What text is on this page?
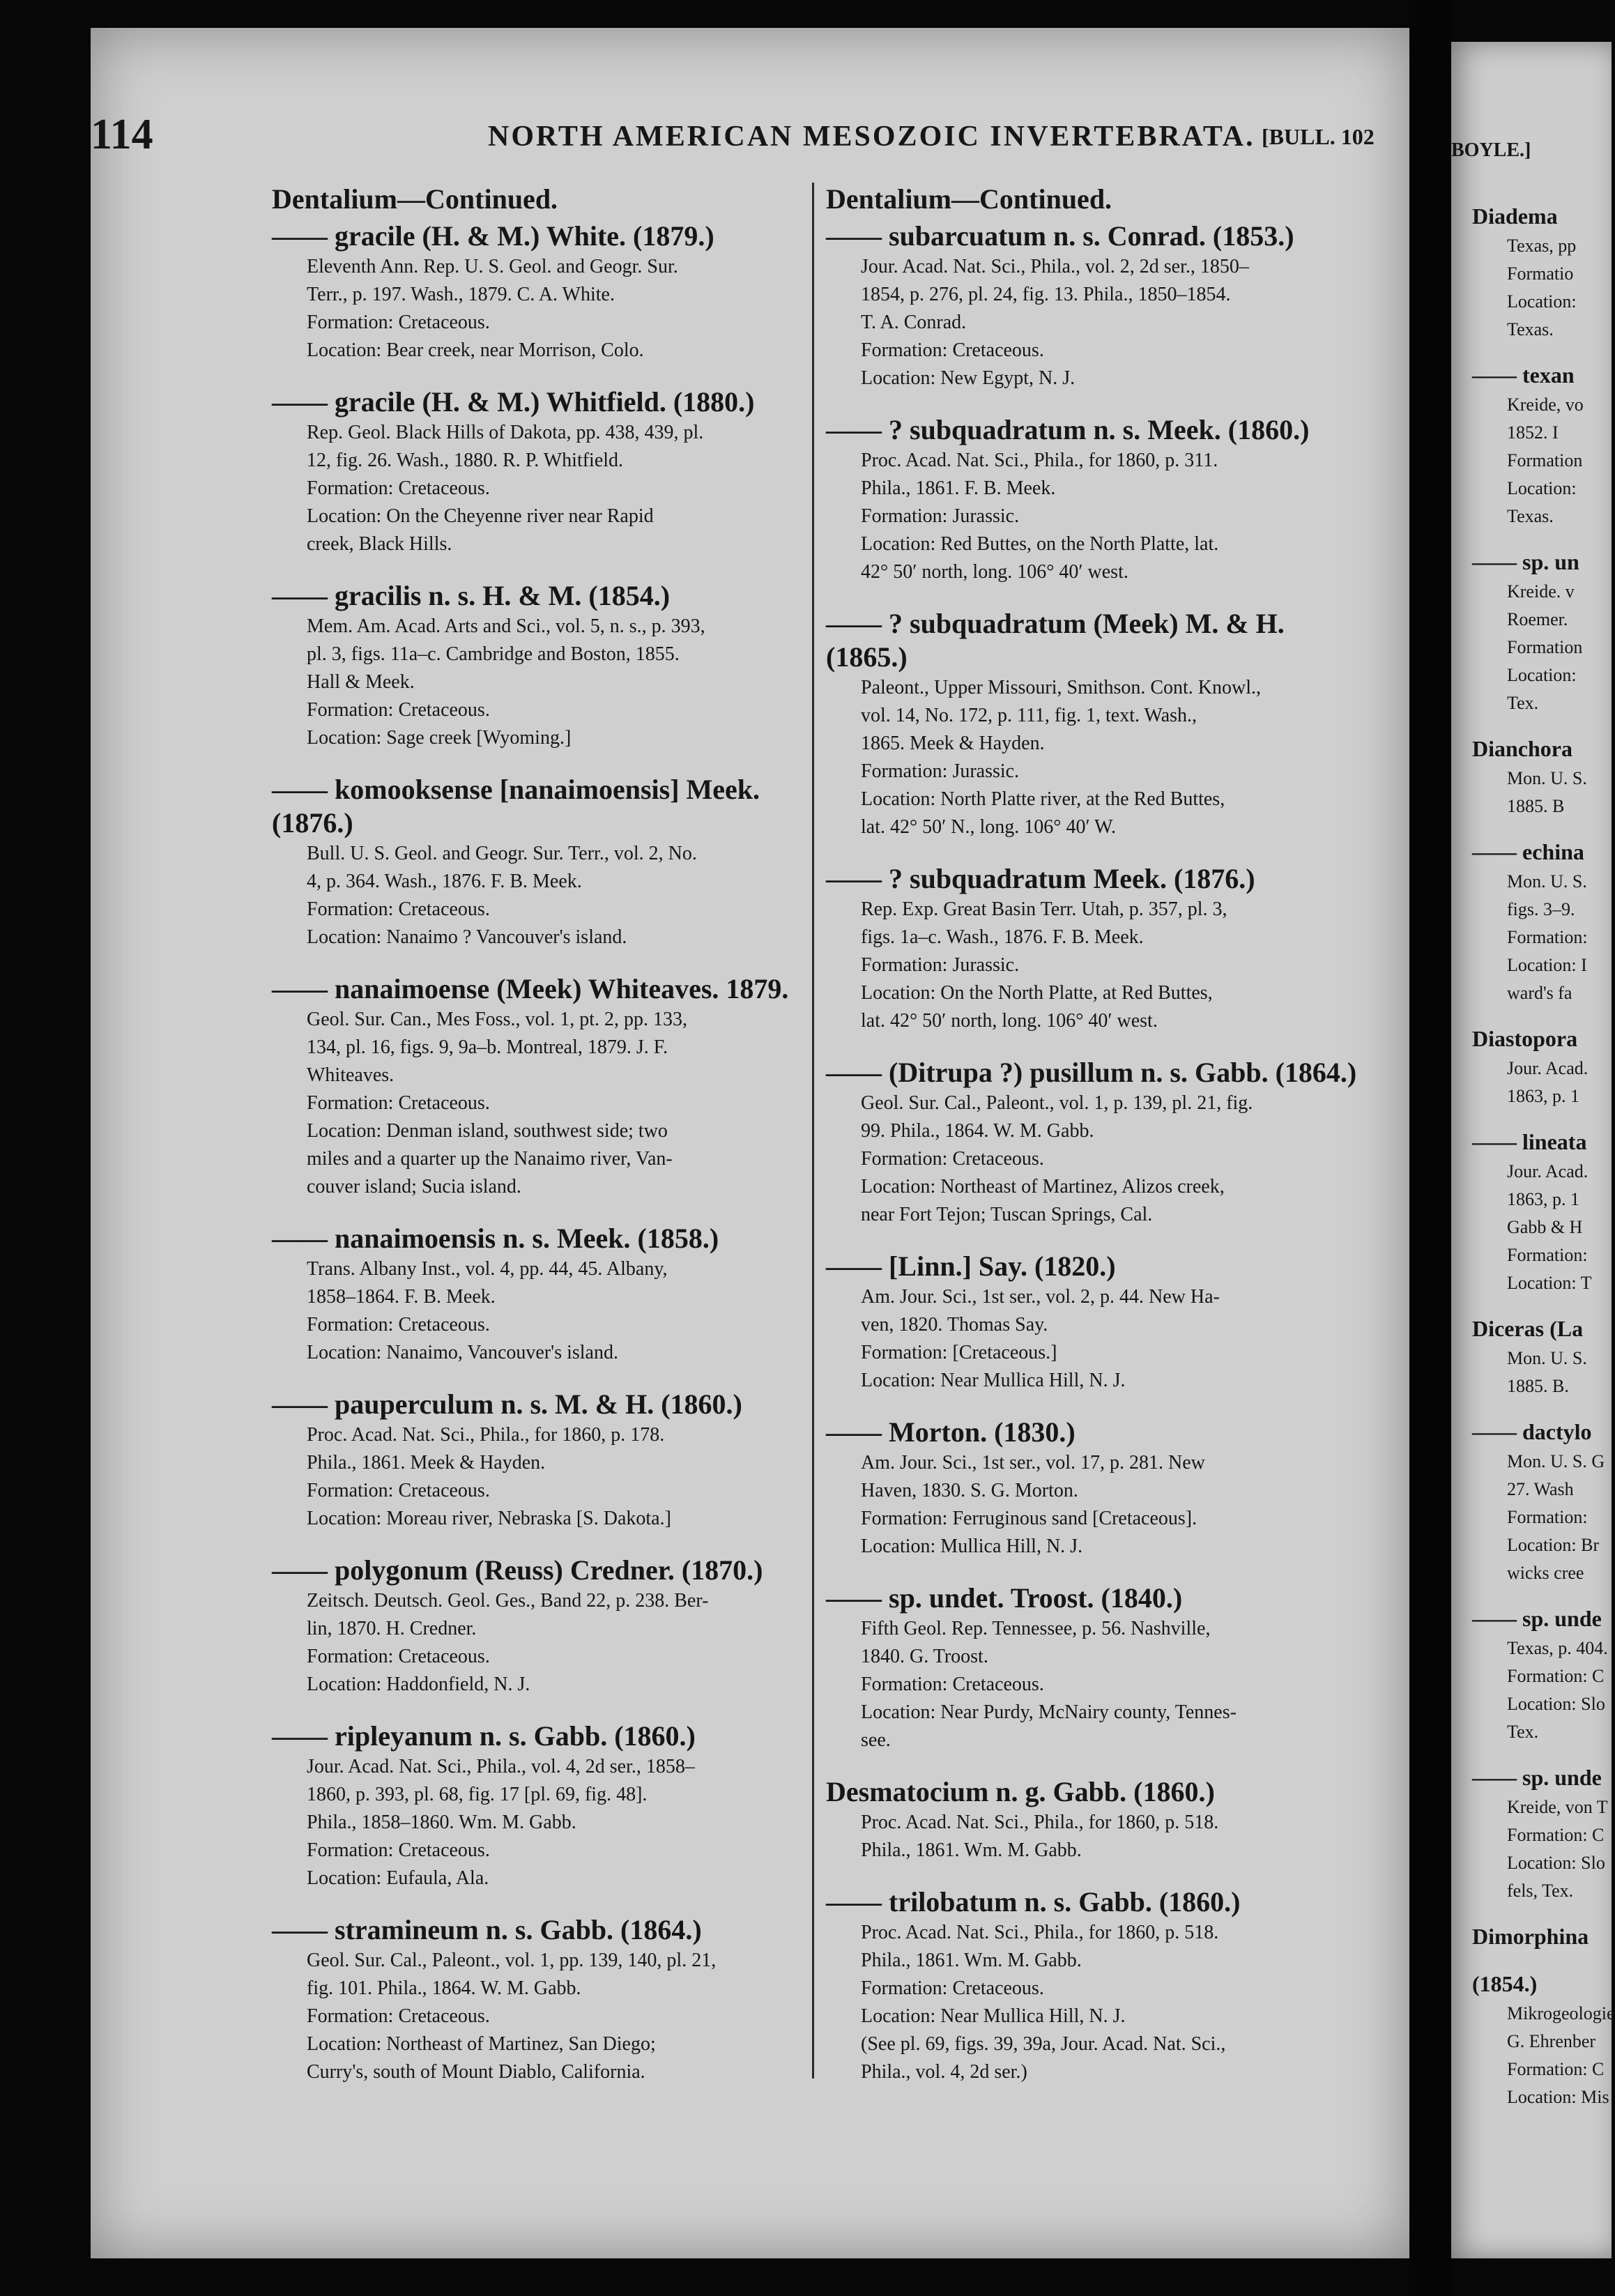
BOYLE.]
Diadema
Texas, pp
Formatio
Location:
Texas.
—— texan
Kreide, vo
1852. I
Formation
Location:
Texas.
—— sp. un
Kreide. v
Roemer.
Formation
Location:
Tex.
Dianchora
Mon. U. S.
1885. B
—— echina
Mon. U. S.
figs. 3–9.
Formation:
Location: I
ward's fa
Diastopora
Jour. Acad.
1863, p. 1
—— lineata
Jour. Acad.
1863, p. 1
Gabb & H
Formation:
Location: T
Diceras (La
Mon. U. S.
1885. B.
—— dactylo
Mon. U. S. G
27. Wash
Formation:
Location: Br
wicks cree
—— sp. unde
Texas, p. 404.
Formation: C
Location: Slo
Tex.
—— sp. unde
Kreide, von T
Formation: C
Location: Slo
fels, Tex.
Dimorphina
(1854.)
Mikrogeologie
G. Ehrenber
Formation: C
Location: Mis
114	NORTH AMERICAN MESOZOIC INVERTEBRATA. [BULL. 102
Dentalium—Continued.
—— gracile (H. & M.) White. (1879.)
Eleventh Ann. Rep. U. S. Geol. and Geogr. Sur.
Terr., p. 197. Wash., 1879. C. A. White.
Formation: Cretaceous.
Location: Bear creek, near Morrison, Colo.
—— gracile (H. & M.) Whitfield. (1880.)
Rep. Geol. Black Hills of Dakota, pp. 438, 439, pl.
12, fig. 26. Wash., 1880. R. P. Whitfield.
Formation: Cretaceous.
Location: On the Cheyenne river near Rapid
creek, Black Hills.
—— gracilis n. s. H. & M. (1854.)
Mem. Am. Acad. Arts and Sci., vol. 5, n. s., p. 393,
pl. 3, figs. 11a–c. Cambridge and Boston, 1855.
Hall & Meek.
Formation: Cretaceous.
Location: Sage creek [Wyoming.]
—— komooksense [nanaimoensis] Meek. (1876.)
Bull. U. S. Geol. and Geogr. Sur. Terr., vol. 2, No.
4, p. 364. Wash., 1876. F. B. Meek.
Formation: Cretaceous.
Location: Nanaimo ? Vancouver's island.
—— nanaimoense (Meek) Whiteaves. 1879.
Geol. Sur. Can., Mes Foss., vol. 1, pt. 2, pp. 133,
134, pl. 16, figs. 9, 9a–b. Montreal, 1879. J. F.
Whiteaves.
Formation: Cretaceous.
Location: Denman island, southwest side; two
miles and a quarter up the Nanaimo river, Van-
couver island; Sucia island.
—— nanaimoensis n. s. Meek. (1858.)
Trans. Albany Inst., vol. 4, pp. 44, 45. Albany,
1858–1864. F. B. Meek.
Formation: Cretaceous.
Location: Nanaimo, Vancouver's island.
—— pauperculum n. s. M. & H. (1860.)
Proc. Acad. Nat. Sci., Phila., for 1860, p. 178.
Phila., 1861. Meek & Hayden.
Formation: Cretaceous.
Location: Moreau river, Nebraska [S. Dakota.]
—— polygonum (Reuss) Credner. (1870.)
Zeitsch. Deutsch. Geol. Ges., Band 22, p. 238. Ber-
lin, 1870. H. Credner.
Formation: Cretaceous.
Location: Haddonfield, N. J.
—— ripleyanum n. s. Gabb. (1860.)
Jour. Acad. Nat. Sci., Phila., vol. 4, 2d ser., 1858–
1860, p. 393, pl. 68, fig. 17 [pl. 69, fig. 48].
Phila., 1858–1860. Wm. M. Gabb.
Formation: Cretaceous.
Location: Eufaula, Ala.
—— stramineum n. s. Gabb. (1864.)
Geol. Sur. Cal., Paleont., vol. 1, pp. 139, 140, pl. 21,
fig. 101. Phila., 1864. W. M. Gabb.
Formation: Cretaceous.
Location: Northeast of Martinez, San Diego;
Curry's, south of Mount Diablo, California.
Dentalium—Continued.
—— subarcuatum n. s. Conrad. (1853.)
Jour. Acad. Nat. Sci., Phila., vol. 2, 2d ser., 1850–
1854, p. 276, pl. 24, fig. 13. Phila., 1850–1854.
T. A. Conrad.
Formation: Cretaceous.
Location: New Egypt, N. J.
—— ? subquadratum n. s. Meek. (1860.)
Proc. Acad. Nat. Sci., Phila., for 1860, p. 311.
Phila., 1861. F. B. Meek.
Formation: Jurassic.
Location: Red Buttes, on the North Platte, lat.
42° 50′ north, long. 106° 40′ west.
—— ? subquadratum (Meek) M. & H. (1865.)
Paleont., Upper Missouri, Smithson. Cont. Knowl.,
vol. 14, No. 172, p. 111, fig. 1, text. Wash.,
1865. Meek & Hayden.
Formation: Jurassic.
Location: North Platte river, at the Red Buttes,
lat. 42° 50′ N., long. 106° 40′ W.
—— ? subquadratum Meek. (1876.)
Rep. Exp. Great Basin Terr. Utah, p. 357, pl. 3,
figs. 1a–c. Wash., 1876. F. B. Meek.
Formation: Jurassic.
Location: On the North Platte, at Red Buttes,
lat. 42° 50′ north, long. 106° 40′ west.
—— (Ditrupa ?) pusillum n. s. Gabb. (1864.)
Geol. Sur. Cal., Paleont., vol. 1, p. 139, pl. 21, fig.
99. Phila., 1864. W. M. Gabb.
Formation: Cretaceous.
Location: Northeast of Martinez, Alizos creek,
near Fort Tejon; Tuscan Springs, Cal.
—— [Linn.] Say. (1820.)
Am. Jour. Sci., 1st ser., vol. 2, p. 44. New Ha-
ven, 1820. Thomas Say.
Formation: [Cretaceous.]
Location: Near Mullica Hill, N. J.
—— Morton. (1830.)
Am. Jour. Sci., 1st ser., vol. 17, p. 281. New
Haven, 1830. S. G. Morton.
Formation: Ferruginous sand [Cretaceous].
Location: Mullica Hill, N. J.
—— sp. undet. Troost. (1840.)
Fifth Geol. Rep. Tennessee, p. 56. Nashville,
1840. G. Troost.
Formation: Cretaceous.
Location: Near Purdy, McNairy county, Tennes-
see.
Desmatocium n. g. Gabb. (1860.)
Proc. Acad. Nat. Sci., Phila., for 1860, p. 518.
Phila., 1861. Wm. M. Gabb.
—— trilobatum n. s. Gabb. (1860.)
Proc. Acad. Nat. Sci., Phila., for 1860, p. 518.
Phila., 1861. Wm. M. Gabb.
Formation: Cretaceous.
Location: Near Mullica Hill, N. J.
(See pl. 69, figs. 39, 39a, Jour. Acad. Nat. Sci.,
Phila., vol. 4, 2d ser.)
